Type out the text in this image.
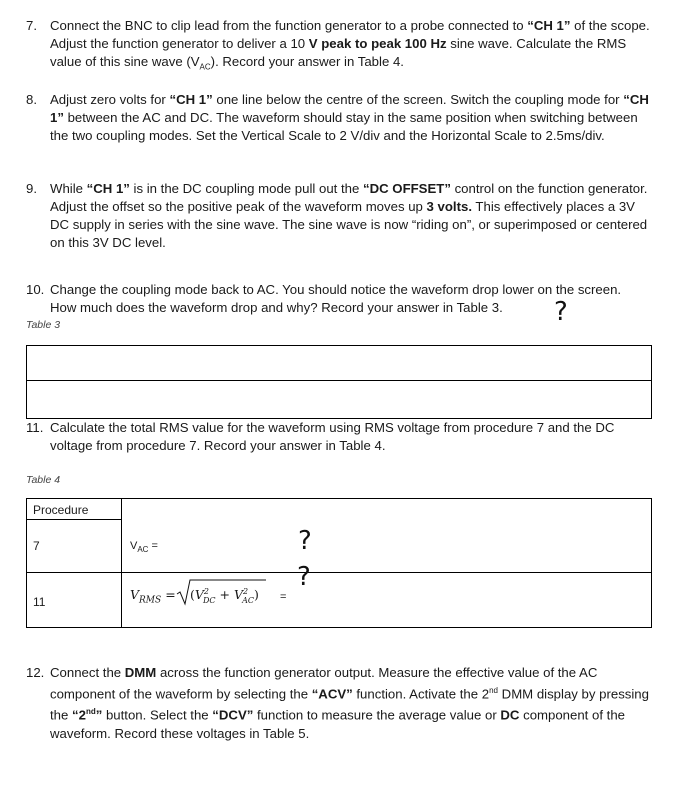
7. Connect the BNC to clip lead from the function generator to a probe connected to “CH 1” of the scope. Adjust the function generator to deliver a 10 V peak to peak 100 Hz sine wave. Calculate the RMS value of this sine wave $(V_{AC})$. Record your answer in Table 4.
8. Adjust zero volts for “CH 1” one line below the centre of the screen. Switch the coupling mode for “CH 1” between the AC and DC. The waveform should stay in the same position when switching between the two coupling modes. Set the Vertical Scale to 2 V/div and the Horizontal Scale to 2.5ms/div.
9. While “CH 1” is in the DC coupling mode pull out the “DC OFFSET” control on the function generator. Adjust the offset so the positive peak of the waveform moves up 3 volts. This effectively places a 3V DC supply in series with the sine wave. The sine wave is now “riding on”, or superimposed or centered on this 3V DC level.
10. Change the coupling mode back to AC. You should notice the waveform drop lower on the screen. How much does the waveform drop and why? Record your answer in Table 3.	?
Table 3
11. Calculate the total RMS value for the waveform using RMS voltage from procedure 7 and the DC voltage from procedure 7. Record your answer in Table 4.
Table 4
Procedure
7	$V_{AC}$ =	?
11	$V_{RMS} = (V^2_{DC} + V^2_{AC})$ =
?
12. Connect the DMM across the function generator output. Measure the effective value of the AC component of the waveform by selecting the “ACV” function. Activate the 2nd DMM display by pressing the “2nd” button. Select the “DCV” function to measure the average value or DC component of the waveform. Record these voltages in Table 5.
